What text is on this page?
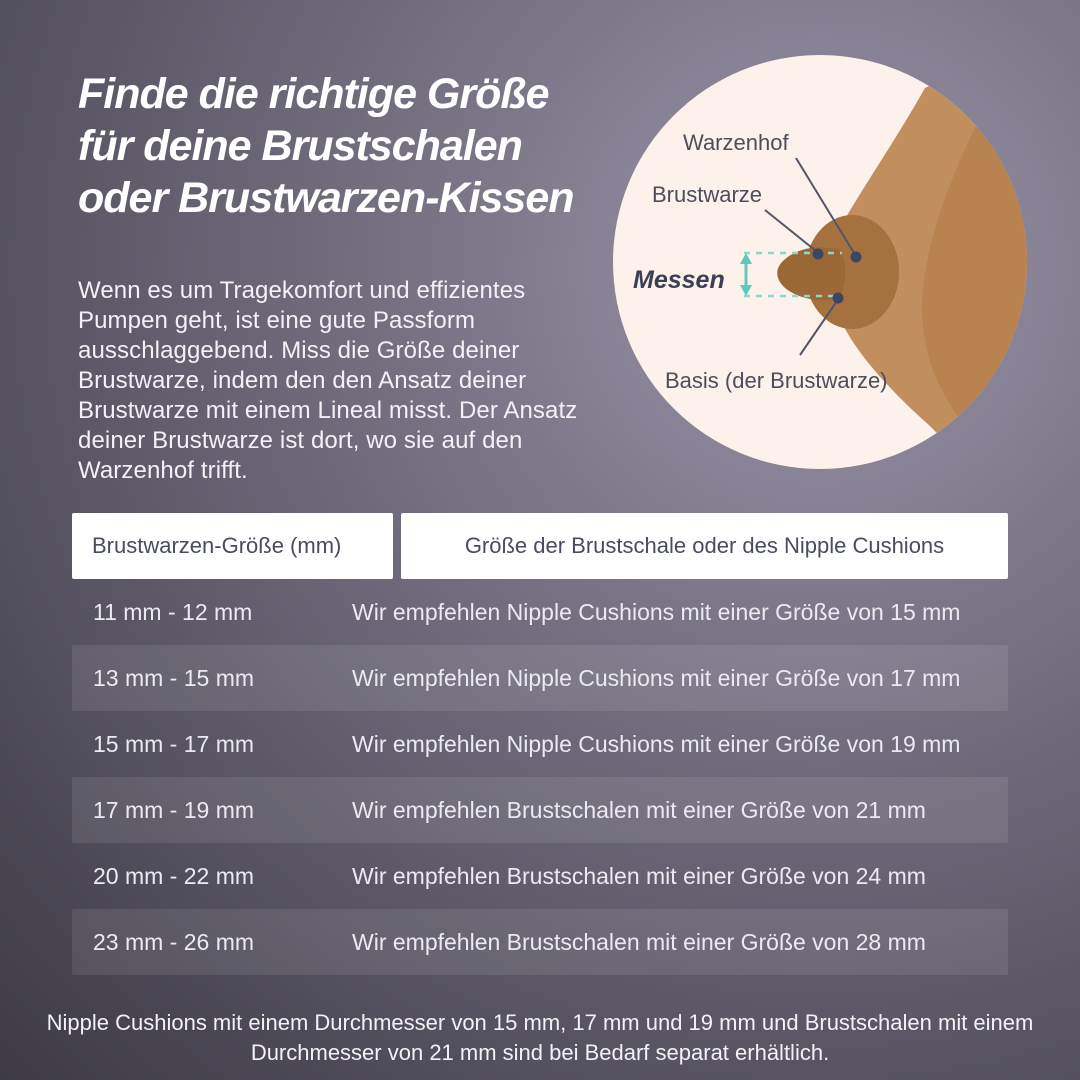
Finde die richtige Größe
für deine Brustschalen
oder Brustwarzen-Kissen
Wenn es um Tragekomfort und effizientes Pumpen geht, ist eine gute Passform ausschlaggebend. Miss die Größe deiner Brustwarze, indem den den Ansatz deiner Brustwarze mit einem Lineal misst. Der Ansatz deiner Brustwarze ist dort, wo sie auf den Warzenhof trifft.
Warzenhof
Brustwarze
Messen
Basis (der Brustwarze)
Brustwarzen-Größe (mm)	Größe der Brustschale oder des Nipple Cushions
11 mm - 12 mm	Wir empfehlen Nipple Cushions mit einer Größe von 15 mm
13 mm - 15 mm	Wir empfehlen Nipple Cushions mit einer Größe von 17 mm
15 mm - 17 mm	Wir empfehlen Nipple Cushions mit einer Größe von 19 mm
17 mm - 19 mm	Wir empfehlen Brustschalen mit einer Größe von 21 mm
20 mm - 22 mm	Wir empfehlen Brustschalen mit einer Größe von 24 mm
23 mm - 26 mm	Wir empfehlen Brustschalen mit einer Größe von 28 mm
Nipple Cushions mit einem Durchmesser von 15 mm, 17 mm und 19 mm und Brustschalen mit einem Durchmesser von 21 mm sind bei Bedarf separat erhältlich.
